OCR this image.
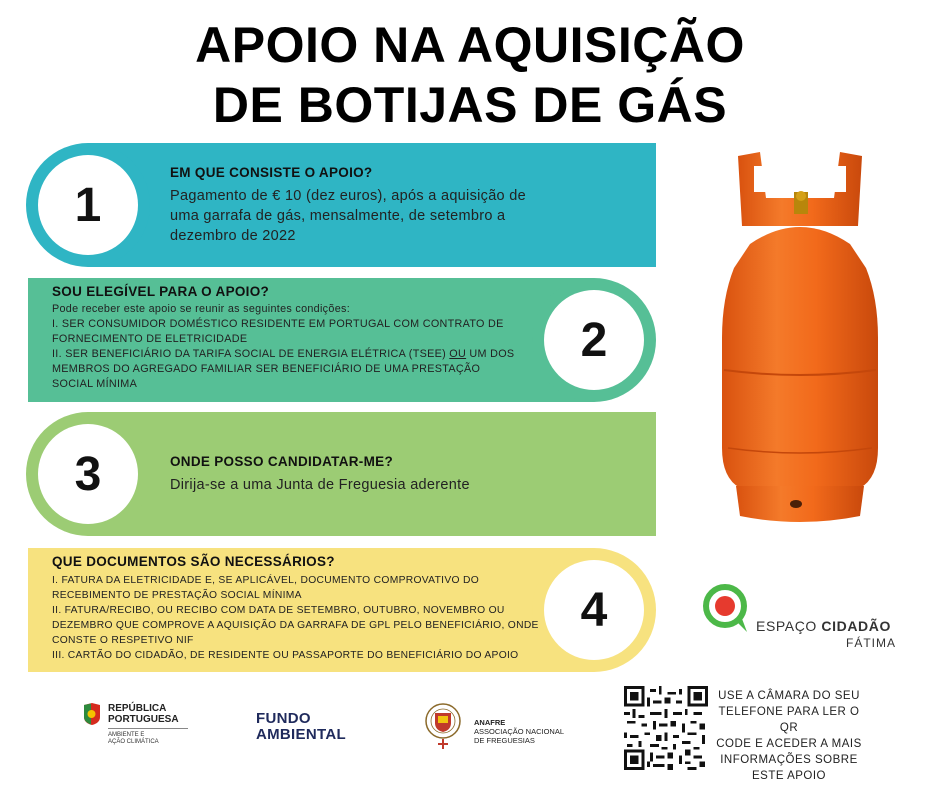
APOIO NA AQUISIÇÃO
DE BOTIJAS DE GÁS
1
EM QUE CONSISTE O APOIO?
Pagamento de € 10 (dez euros), após a aquisição de
uma garrafa de gás, mensalmente, de setembro a
dezembro de 2022
2
SOU ELEGÍVEL PARA O APOIO?
Pode receber este apoio se reunir as seguintes condições:
I. SER CONSUMIDOR DOMÉSTICO RESIDENTE EM PORTUGAL COM CONTRATO DE
FORNECIMENTO DE ELETRICIDADE
II. SER BENEFICIÁRIO DA TARIFA SOCIAL DE ENERGIA ELÉTRICA (TSEE) OU UM DOS
MEMBROS DO AGREGADO FAMILIAR SER BENEFICIÁRIO DE UMA PRESTAÇÃO
SOCIAL MÍNIMA
3	ONDE POSSO CANDIDATAR-ME?
Dirija-se a uma Junta de Freguesia aderente
4
QUE DOCUMENTOS SÃO NECESSÁRIOS?
I. FATURA DA ELETRICIDADE E, SE APLICÁVEL, DOCUMENTO COMPROVATIVO DO
RECEBIMENTO DE PRESTAÇÃO SOCIAL MÍNIMA
II. FATURA/RECIBO, OU RECIBO COM DATA DE SETEMBRO, OUTUBRO, NOVEMBRO OU
DEZEMBRO QUE COMPROVE A AQUISIÇÃO DA GARRAFA DE GPL PELO BENEFICIÁRIO, ONDE
CONSTE O RESPETIVO NIF
III. CARTÃO DO CIDADÃO, DE RESIDENTE OU PASSAPORTE DO BENEFICIÁRIO DO APOIO
ESPAÇO CIDADÃO
FÁTIMA
REPÚBLICA
PORTUGUESA
AMBIENTE E
AÇÃO CLIMÁTICA
FUNDO
AMBIENTAL
ANAFRE
ASSOCIAÇÃO NACIONAL
DE FREGUESIAS
USE A CÂMARA DO SEU
TELEFONE PARA LER O QR
CODE E ACEDER A MAIS
INFORMAÇÕES SOBRE
ESTE APOIO
